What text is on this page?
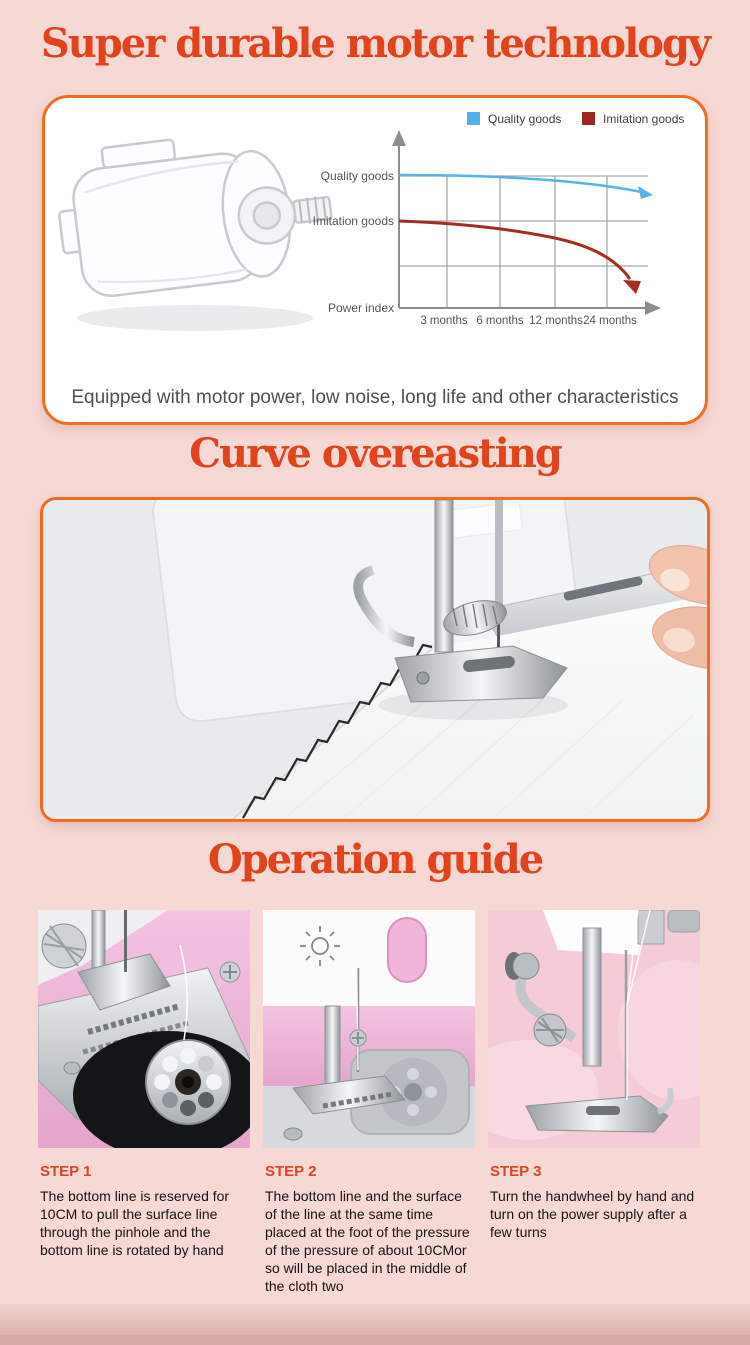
Super durable motor technology
Quality goods	Imitation goods
Quality goods
Imitation goods
Power index
3 months 6 months 12 months 24 months
Equipped with motor power, low noise, long life and other characteristics
Curve overeasting
Operation guide
STEP 1
The bottom line is reserved for 10CM to pull the surface line through the pinhole and the bottom line is rotated by hand
STEP 2
The bottom line and the surface of the line at the same time placed at the foot of the pressure of the pressure of about 10CMor so will be placed in the middle of the cloth two
STEP 3
Turn the handwheel by hand and turn on the power supply after a few turns
